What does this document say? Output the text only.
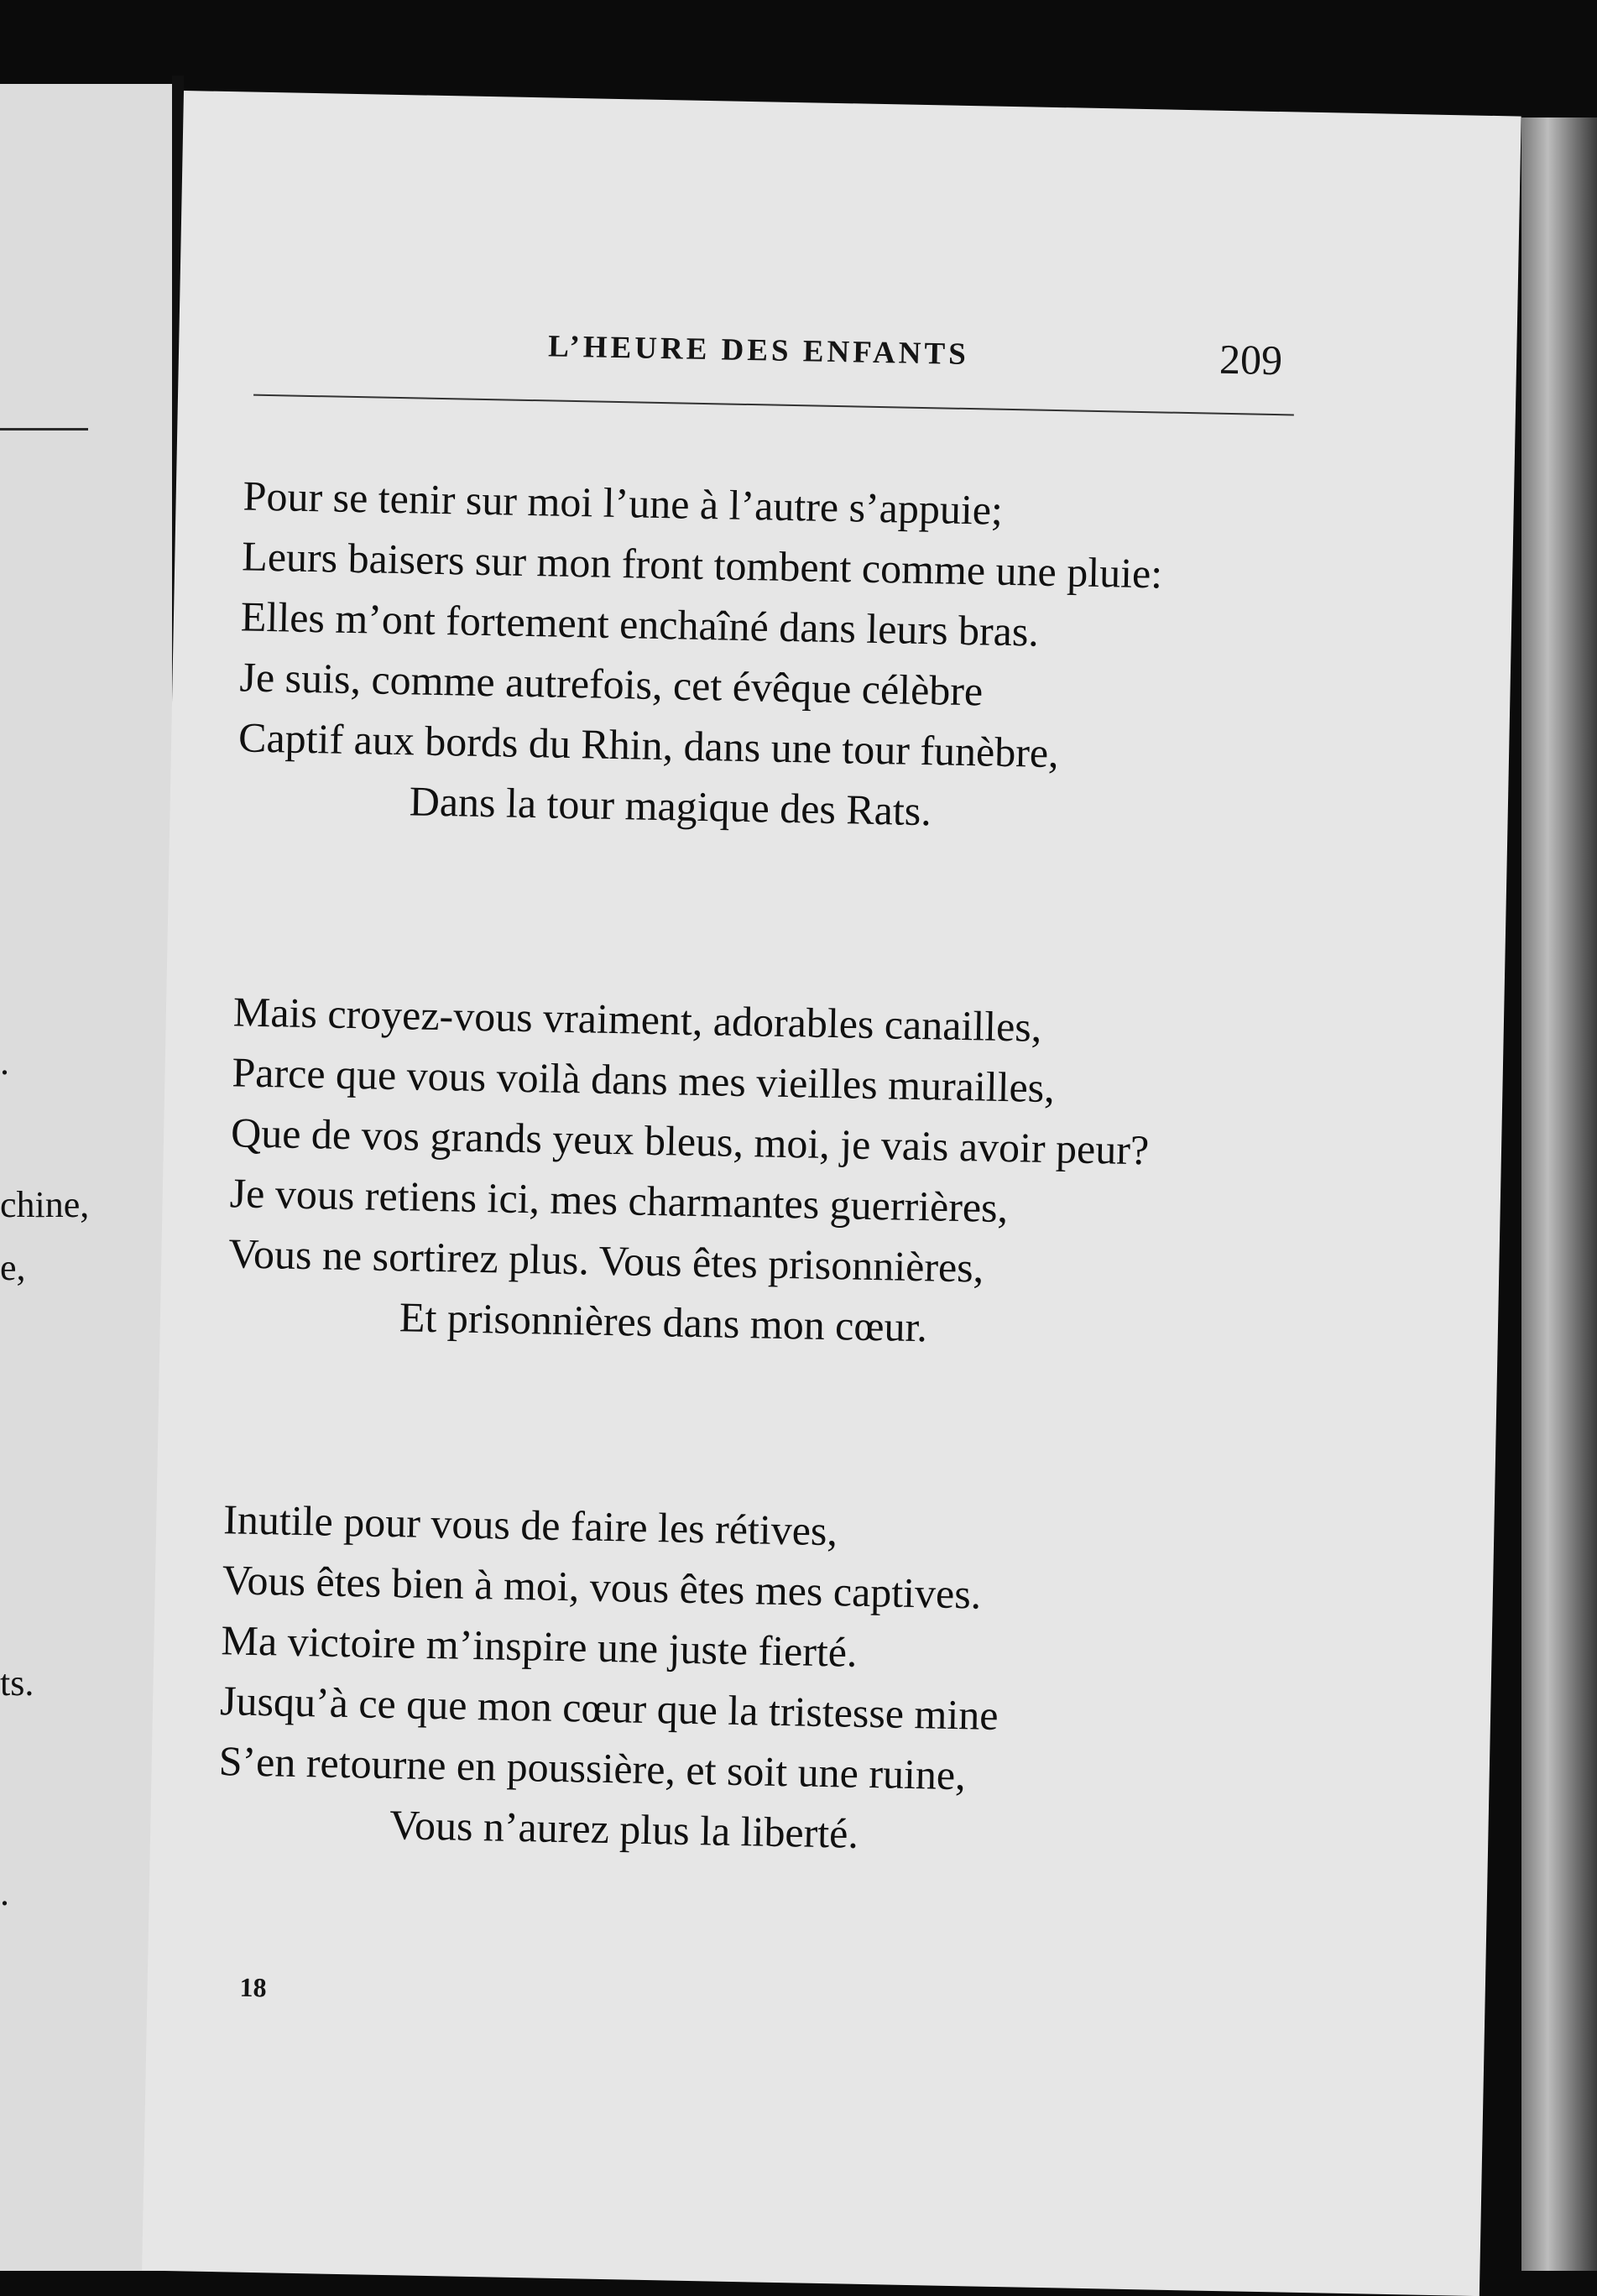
chine,
e,
ts.
.
.
L’HEURE DES ENFANTS	209
Pour se tenir sur moi l’une à l’autre s’appuie;
Leurs baisers sur mon front tombent comme une pluie:
Elles m’ont fortement enchaîné dans leurs bras.
Je suis, comme autrefois, cet évêque célèbre
Captif aux bords du Rhin, dans une tour funèbre,
Dans la tour magique des Rats.
Mais croyez-vous vraiment, adorables canailles,
Parce que vous voilà dans mes vieilles murailles,
Que de vos grands yeux bleus, moi, je vais avoir peur?
Je vous retiens ici, mes charmantes guerrières,
Vous ne sortirez plus. Vous êtes prisonnières,
Et prisonnières dans mon cœur.
Inutile pour vous de faire les rétives,
Vous êtes bien à moi, vous êtes mes captives.
Ma victoire m’inspire une juste fierté.
Jusqu’à ce que mon cœur que la tristesse mine
S’en retourne en poussière, et soit une ruine,
Vous n’aurez plus la liberté.
18
